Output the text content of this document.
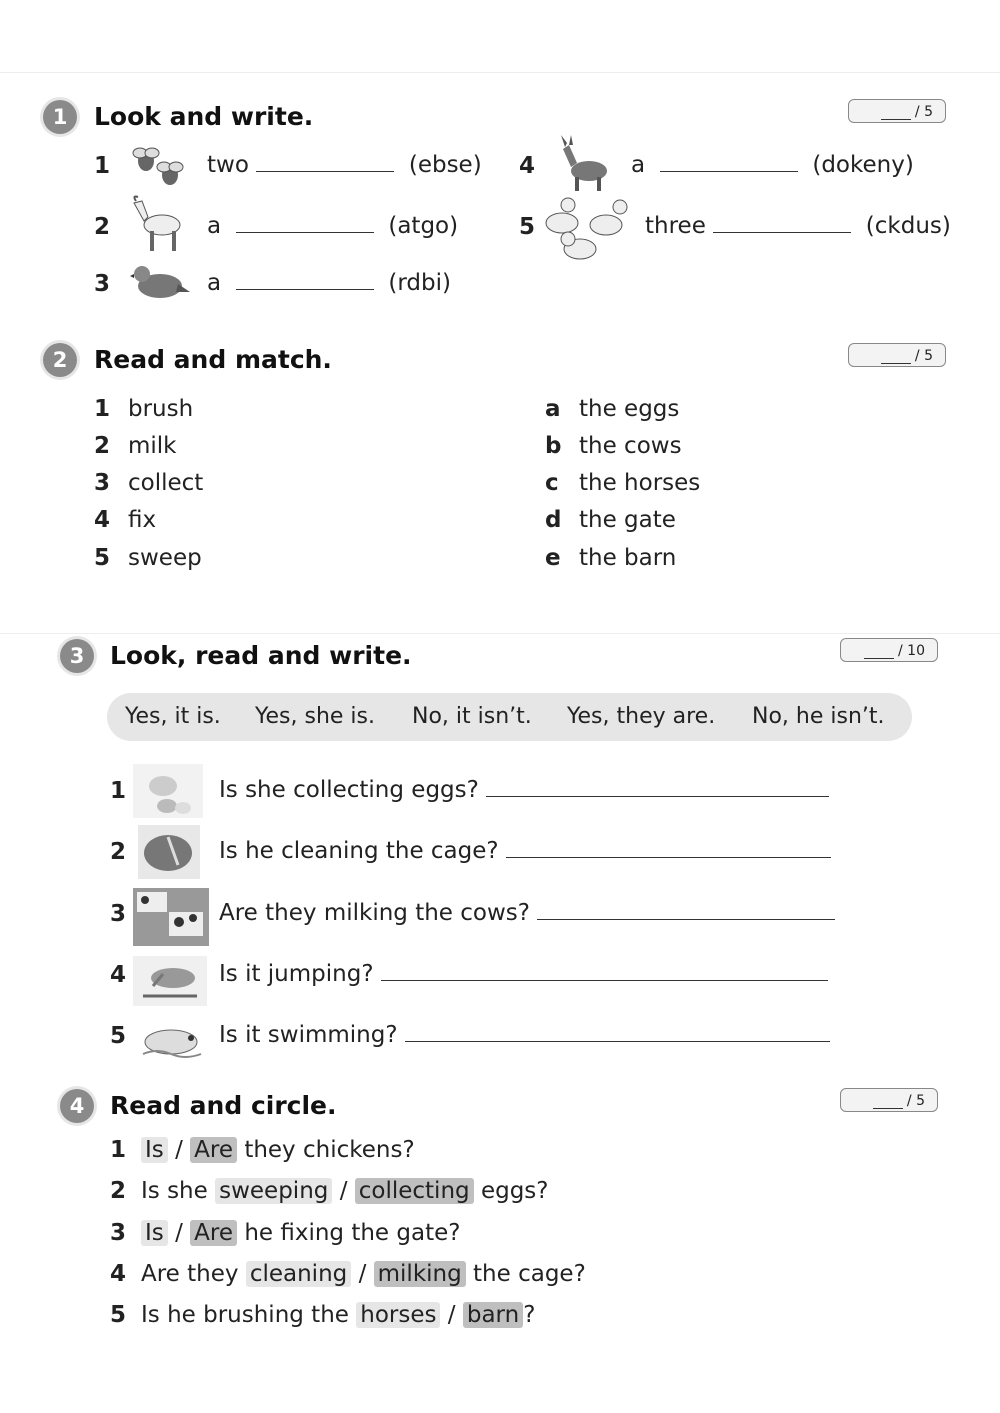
1	Look and write.	/ 5
1	two	(ebse) 4	a	(dokeny)
2	a	(atgo)	5	three	(ckdus)
3	a	(rdbi)
2	Read and match.	/ 5
1 brush
2 milk
3 collect
4 fix
5 sweep
a the eggs
b the cows
c the horses
d the gate
e the barn
3	Look, read and write.	/ 10
Yes, it is. Yes, she is. No, it isn’t. Yes, they are. No, he isn’t.
1	Is she collecting eggs?
2	Is he cleaning the cage?
3	Are they milking the cows?
4	Is it jumping?
5	Is it swimming?
4	Read and circle.	/ 5
1 Is / Are they chickens?
2 Is she sweeping / collecting eggs?
3 Is / Are he fixing the gate?
4 Are they cleaning / milking the cage?
5 Is he brushing the horses / barn ?
